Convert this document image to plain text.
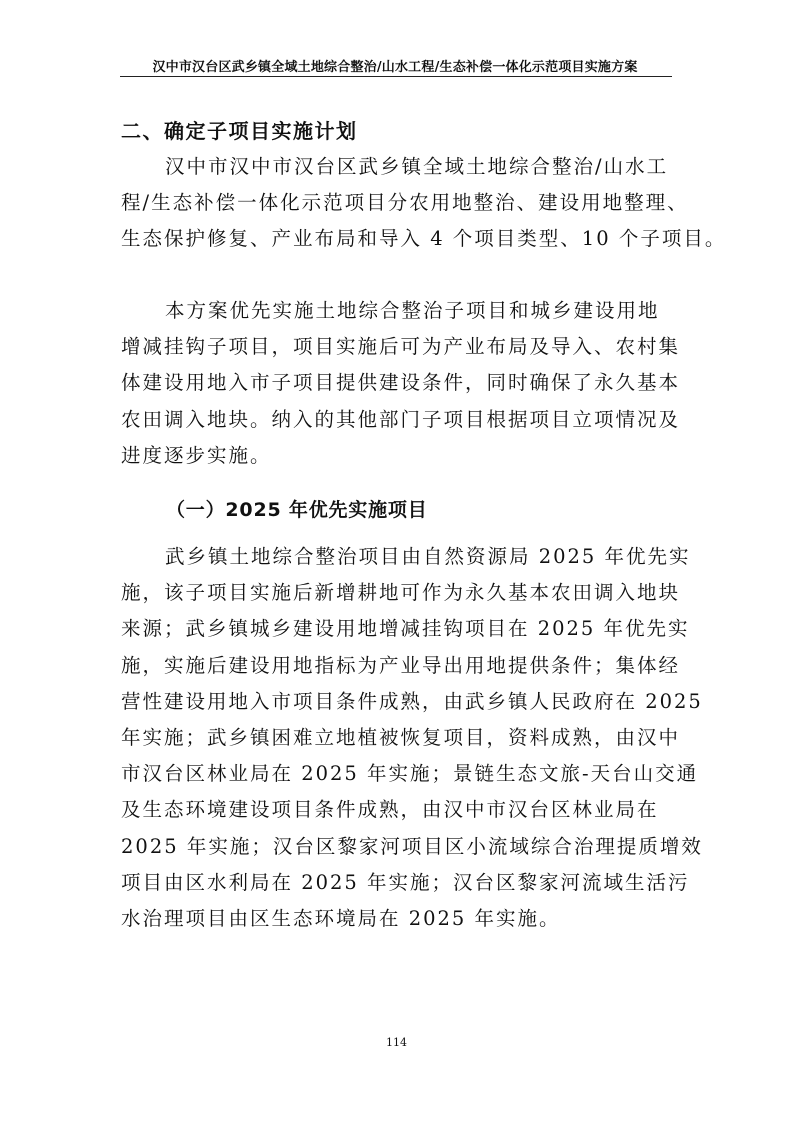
汉中市汉台区武乡镇全域土地综合整治/山水工程/生态补偿一体化示范项目实施方案
二、确定子项目实施计划

汉中市汉中市汉台区武乡镇全域土地综合整治/山水工
程/生态补偿一体化示范项目分农用地整治、建设用地整理、
生态保护修复、产业布局和导入 4 个项目类型、10 个子项目。

本方案优先实施土地综合整治子项目和城乡建设用地
增减挂钩子项目，项目实施后可为产业布局及导入、农村集
体建设用地入市子项目提供建设条件，同时确保了永久基本
农田调入地块。纳入的其他部门子项目根据项目立项情况及
进度逐步实施。

（一）2025 年优先实施项目

武乡镇土地综合整治项目由自然资源局 2025 年优先实
施，该子项目实施后新增耕地可作为永久基本农田调入地块
来源；武乡镇城乡建设用地增减挂钩项目在 2025 年优先实
施，实施后建设用地指标为产业导出用地提供条件；集体经
营性建设用地入市项目条件成熟，由武乡镇人民政府在 2025
年实施；武乡镇困难立地植被恢复项目，资料成熟，由汉中
市汉台区林业局在 2025 年实施；景链生态文旅-天台山交通
及生态环境建设项目条件成熟，由汉中市汉台区林业局在
2025 年实施；汉台区黎家河项目区小流域综合治理提质增效
项目由区水利局在 2025 年实施；汉台区黎家河流域生活污
水治理项目由区生态环境局在 2025 年实施。

114
